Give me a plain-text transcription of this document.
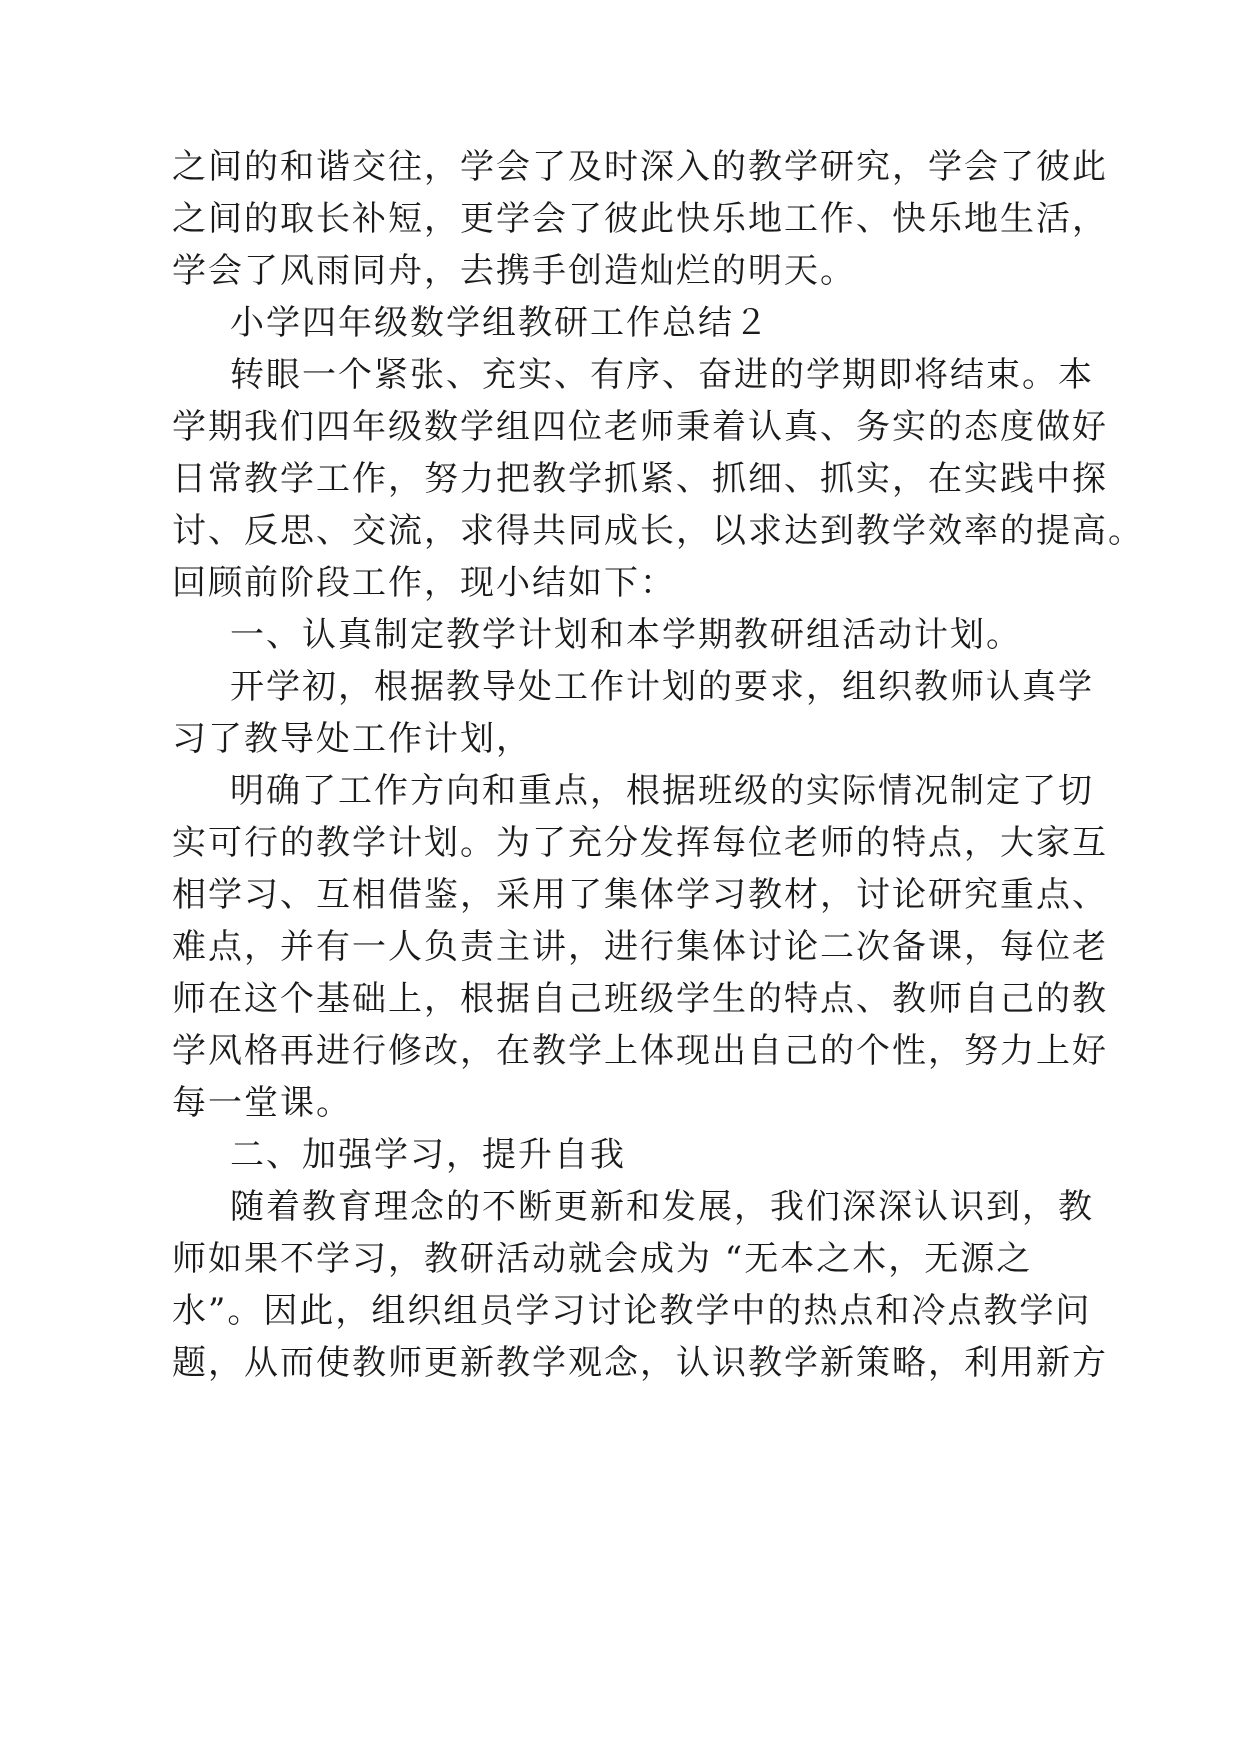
之间的和谐交往，学会了及时深入的教学研究，学会了彼此
之间的取长补短，更学会了彼此快乐地工作、快乐地生活，
学会了风雨同舟，去携手创造灿烂的明天。
小学四年级数学组教研工作总结２
转眼一个紧张、充实、有序、奋进的学期即将结束。本
学期我们四年级数学组四位老师秉着认真、务实的态度做好
日常教学工作，努力把教学抓紧、抓细、抓实，在实践中探
讨、反思、交流，求得共同成长，以求达到教学效率的提高。
回顾前阶段工作，现小结如下：
一、认真制定教学计划和本学期教研组活动计划。
开学初，根据教导处工作计划的要求，组织教师认真学
习了教导处工作计划，
明确了工作方向和重点，根据班级的实际情况制定了切
实可行的教学计划。为了充分发挥每位老师的特点，大家互
相学习、互相借鉴，采用了集体学习教材，讨论研究重点、
难点，并有一人负责主讲，进行集体讨论二次备课，每位老
师在这个基础上，根据自己班级学生的特点、教师自己的教
学风格再进行修改，在教学上体现出自己的个性，努力上好
每一堂课。
二、加强学习，提升自我
随着教育理念的不断更新和发展，我们深深认识到，教
师如果不学习，教研活动就会成为 “无本之木，无源之
水”。因此，组织组员学习讨论教学中的热点和冷点教学问
题，从而使教师更新教学观念，认识教学新策略，利用新方
